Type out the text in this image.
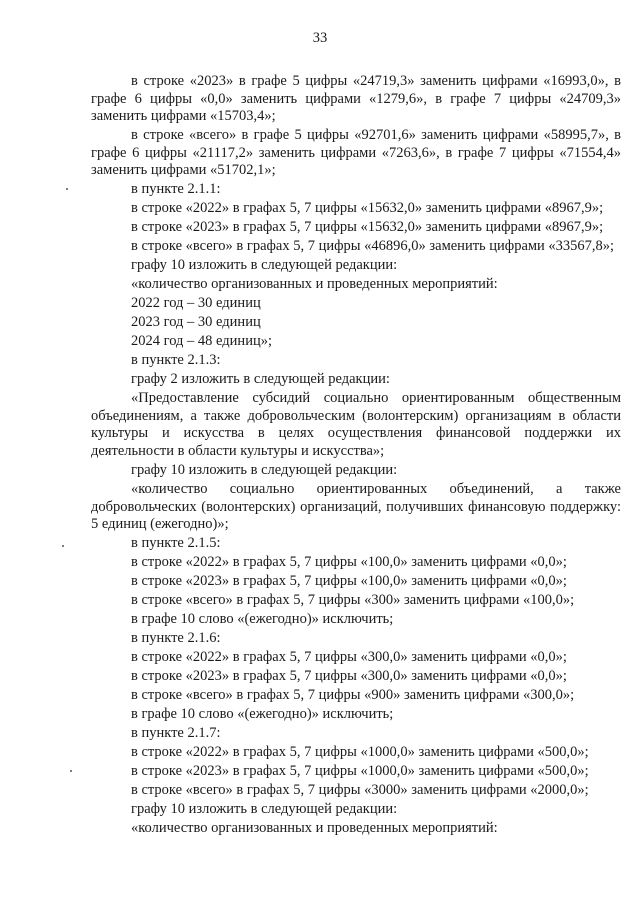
33

в строке «2023» в графе 5 цифры «24719,3» заменить цифрами «16993,0», в графе 6 цифры «0,0» заменить цифрами «1279,6», в графе 7 цифры «24709,3» заменить цифрами «15703,4»;

в строке «всего» в графе 5 цифры «92701,6» заменить цифрами «58995,7», в графе 6 цифры «21117,2» заменить цифрами «7263,6», в графе 7 цифры «71554,4» заменить цифрами «51702,1»;

в пункте 2.1.1:

в строке «2022» в графах 5, 7 цифры «15632,0» заменить цифрами «8967,9»;

в строке «2023» в графах 5, 7 цифры «15632,0» заменить цифрами «8967,9»;

в строке «всего» в графах 5, 7 цифры «46896,0» заменить цифрами «33567,8»;

графу 10 изложить в следующей редакции:

«количество организованных и проведенных мероприятий:

2022 год – 30 единиц

2023 год – 30 единиц

2024 год – 48 единиц»;

в пункте 2.1.3:

графу 2 изложить в следующей редакции:

«Предоставление субсидий социально ориентированным общественным объединениям, а также добровольческим (волонтерским) организациям в области культуры и искусства в целях осуществления финансовой поддержки их деятельности в области культуры и искусства»;

графу 10 изложить в следующей редакции:

«количество социально ориентированных объединений, а также добровольческих (волонтерских) организаций, получивших финансовую поддержку: 5 единиц (ежегодно)»;

в пункте 2.1.5:

в строке «2022» в графах 5, 7 цифры «100,0» заменить цифрами «0,0»;

в строке «2023» в графах 5, 7 цифры «100,0» заменить цифрами «0,0»;

в строке «всего» в графах 5, 7 цифры «300» заменить цифрами «100,0»;

в графе 10 слово «(ежегодно)» исключить;

в пункте 2.1.6:

в строке «2022» в графах 5, 7 цифры «300,0» заменить цифрами «0,0»;

в строке «2023» в графах 5, 7 цифры «300,0» заменить цифрами «0,0»;

в строке «всего» в графах 5, 7 цифры «900» заменить цифрами «300,0»;

в графе 10 слово «(ежегодно)» исключить;

в пункте 2.1.7:

в строке «2022» в графах 5, 7 цифры «1000,0» заменить цифрами «500,0»;

в строке «2023» в графах 5, 7 цифры «1000,0» заменить цифрами «500,0»;

в строке «всего» в графах 5, 7 цифры «3000» заменить цифрами «2000,0»;

графу 10 изложить в следующей редакции:

«количество организованных и проведенных мероприятий:
